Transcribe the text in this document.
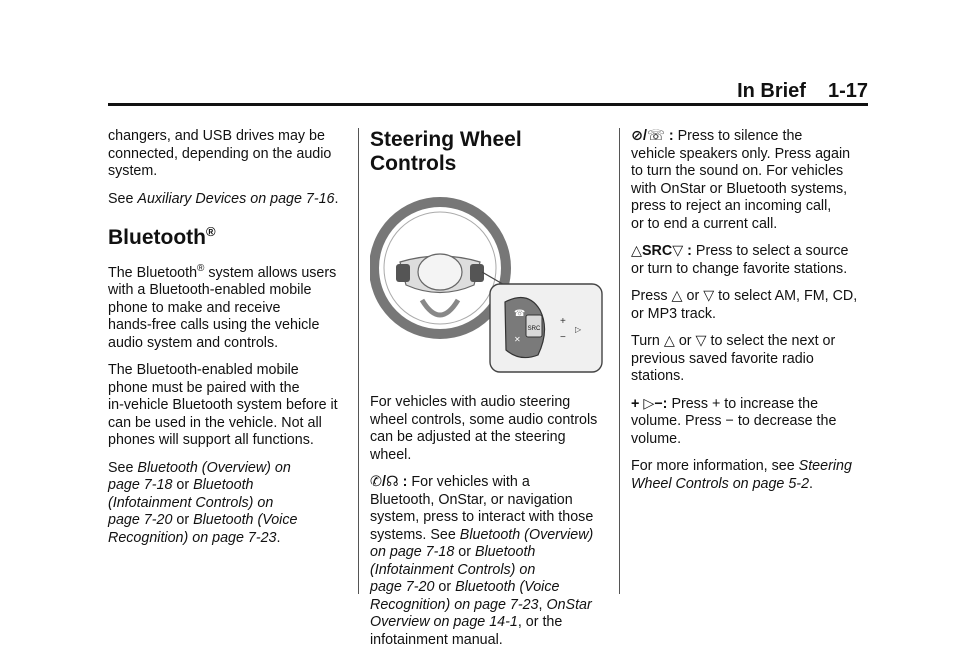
In Brief 1-17

changers, and USB drives may be
connected, depending on the audio
system.

See Auxiliary Devices on page 7-16.

Bluetooth®

The Bluetooth® system allows users
with a Bluetooth-enabled mobile
phone to make and receive
hands-free calls using the vehicle
audio system and controls.

The Bluetooth-enabled mobile
phone must be paired with the
in-vehicle Bluetooth system before it
can be used in the vehicle. Not all
phones will support all functions.

See Bluetooth (Overview) on
page 7-18 or Bluetooth
(Infotainment Controls) on
page 7-20 or Bluetooth (Voice
Recognition) on page 7-23.

Steering Wheel Controls
SRC
☎
✕
+
−
▷

For vehicles with audio steering
wheel controls, some audio controls
can be adjusted at the steering
wheel.

✆/☊ : For vehicles with a
Bluetooth, OnStar, or navigation
system, press to interact with those
systems. See Bluetooth (Overview)
on page 7-18 or Bluetooth
(Infotainment Controls) on
page 7-20 or Bluetooth (Voice
Recognition) on page 7-23, OnStar
Overview on page 14-1, or the
infotainment manual.

⊘/☏ : Press to silence the
vehicle speakers only. Press again
to turn the sound on. For vehicles
with OnStar or Bluetooth systems,
press to reject an incoming call,
or to end a current call.

△SRC▽ : Press to select a source
or turn to change favorite stations.

Press △ or ▽ to select AM, FM, CD,
or MP3 track.

Turn △ or ▽ to select the next or
previous saved favorite radio
stations.

+ ▷−: Press + to increase the
volume. Press − to decrease the
volume.

For more information, see Steering
Wheel Controls on page 5-2.
